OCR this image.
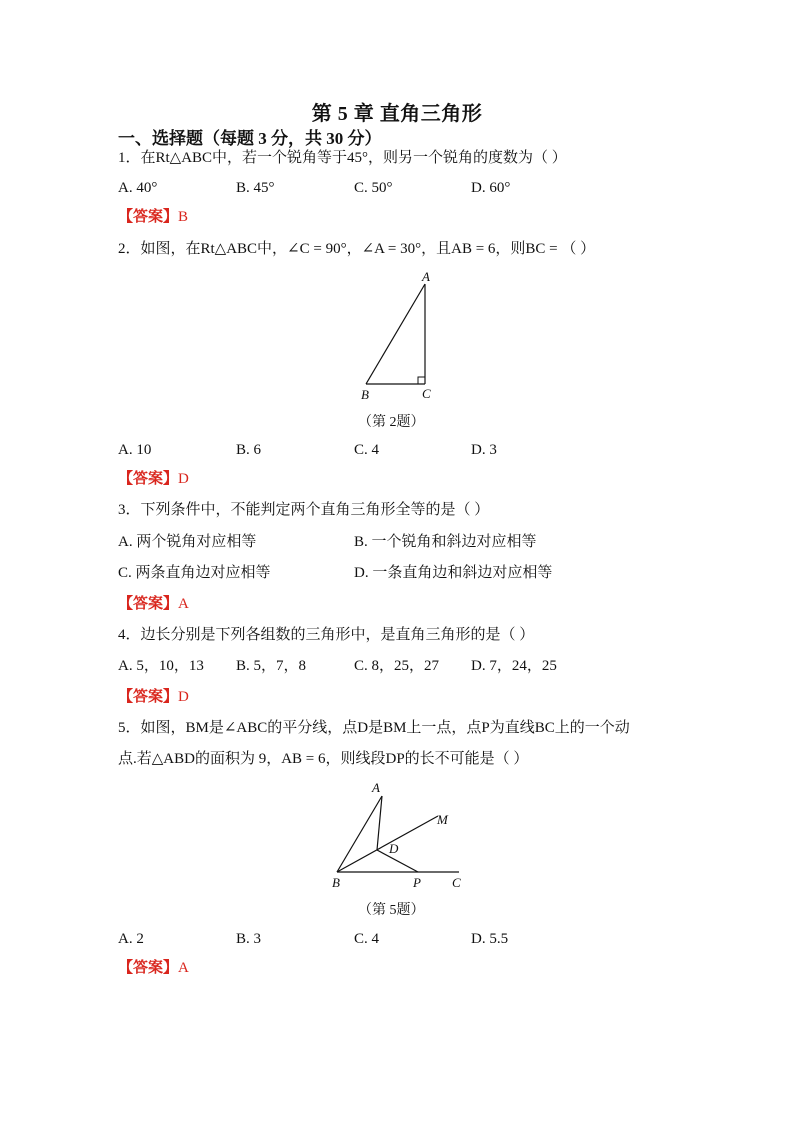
第 5 章 直角三角形
一、选择题（每题 3 分，共 30 分）
1．在Rt△ABC中，若一个锐角等于45°，则另一个锐角的度数为（ ）
A. 40°	B. 45°	C. 50°	D. 60°
【答案】B
2．如图，在Rt△ABC中，∠C = 90°，∠A = 30°，且AB = 6，则BC = （ ）
A
B	C
（第 2题）
A. 10	B. 6	C. 4	D. 3
【答案】D
3．下列条件中，不能判定两个直角三角形全等的是（ ）
A. 两个锐角对应相等	B. 一个锐角和斜边对应相等
C. 两条直角边对应相等	D. 一条直角边和斜边对应相等
【答案】A
4．边长分别是下列各组数的三角形中，是直角三角形的是（ ）
A. 5，10，13 B. 5，7，8	C. 8，25，27 D. 7，24，25
【答案】D
5．如图，BM是∠ABC的平分线，点D是BM上一点，点P为直线BC上的一个动
点.若△ABD的面积为 9，AB = 6，则线段DP的长不可能是（ ）
A
M
D
B	P C
（第 5题）
A. 2	B. 3	C. 4	D. 5.5
【答案】A
